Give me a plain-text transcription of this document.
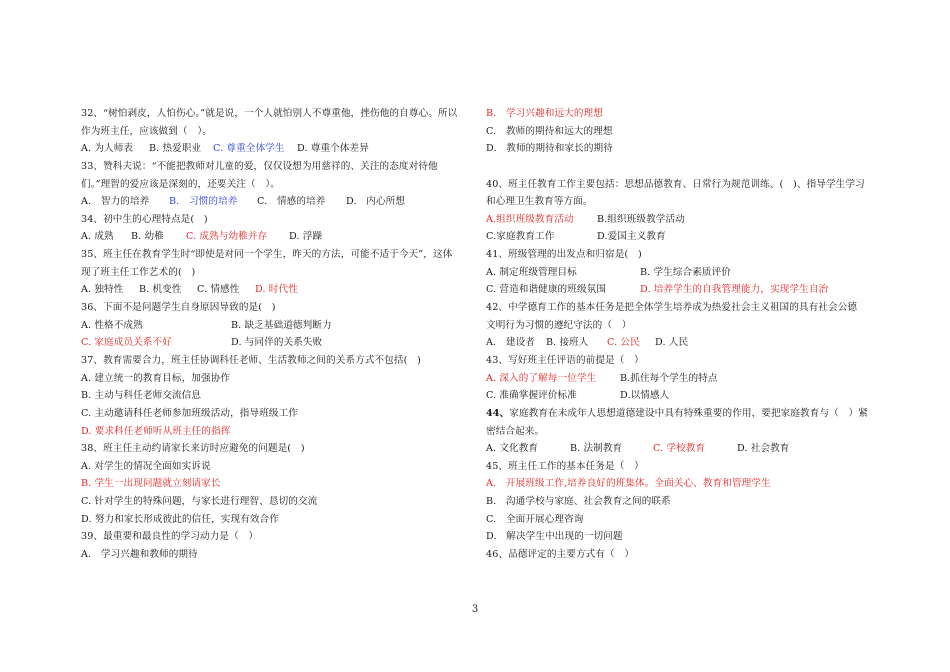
32、“树怕剥皮，人怕伤心。”就是说，一个人就怕别人不尊重他，挫伤他的自尊心。所以
作为班主任，应该做到（　）。
A. 为人师表	B. 热爱职业	C. 尊重全体学生	D. 尊重个体差异
33、赞科夫说：“不能把教师对儿童的爱，仅仅设想为用慈祥的、关注的态度对待他
们。”理智的爱应该是深刻的，还要关注（　）。
A.　智力的培养	B.　习惯的培养	C.　情感的培养	D.　内心所想
34、初中生的心理特点是(　)
A. 成熟	B. 幼稚	C. 成熟与幼稚并存	D. 浮躁
35、班主任在教育学生时“即使是对同一个学生，昨天的方法，可能不适于今天”，这体
现了班主任工作艺术的(　)
A. 独特性	B. 机变性	C. 情感性	D. 时代性
36、下面不是问题学生自身原因导致的是(　)
A. 性格不成熟	B. 缺乏基础道德判断力
C. 家庭成员关系不好	D. 与同伴的关系失败
37、教育需要合力，班主任协调科任老师、生活教师之间的关系方式不包括(　)
A. 建立统一的教育目标，加强协作
B. 主动与科任老师交流信息
C. 主动邀请科任老师参加班级活动，指导班级工作
D. 要求科任老师听从班主任的指挥
38、班主任主动约请家长来访时应避免的问题是(　)
A. 对学生的情况全面如实诉说
B. 学生一出现问题就立刻请家长
C. 针对学生的特殊问题，与家长进行理智、恳切的交流
D. 努力和家长形成彼此的信任，实现有效合作
39、最重要和最良性的学习动力是（　）
A.　学习兴趣和教师的期待
B.　学习兴趣和远大的理想
C.　教师的期待和远大的理想
D.　教师的期待和家长的期待
40、班主任教育工作主要包括：思想品德教育、日常行为规范训练、(　)、指导学生学习
和心理卫生教育等方面。
A.组织班级教育活动	B.组织班级教学活动
C.家庭教育工作	D.爱国主义教育
41、班级管理的出发点和归宿是(　)
A. 制定班级管理目标	B. 学生综合素质评价
C. 营造和谐健康的班级氛围	D. 培养学生的自我管理能力，实现学生自治
42、中学德育工作的基本任务是把全体学生培养成为热爱社会主义祖国的具有社会公德
文明行为习惯的遵纪守法的（　）
A.　建设者	B. 接班人	C. 公民	D. 人民
43、写好班主任评语的前提是（　）
A. 深入的了解每一位学生	B.抓住每个学生的特点
C. 准确掌握评价标准	D.以情感人
44、 家庭教育在未成年人思想道德建设中具有特殊重要的作用，要把家庭教育与（　）紧
密结合起来。
A. 文化教育	B. 法制教育	C. 学校教育	D. 社会教育
45、班主任工作的基本任务是（　）
A.　开展班级工作,培养良好的班集体。全面关心、教育和管理学生
B.　沟通学校与家庭、社会教育之间的联系
C.　全面开展心理咨询
D.　解决学生中出现的一切问题
46、品德评定的主要方式有（　）
3
